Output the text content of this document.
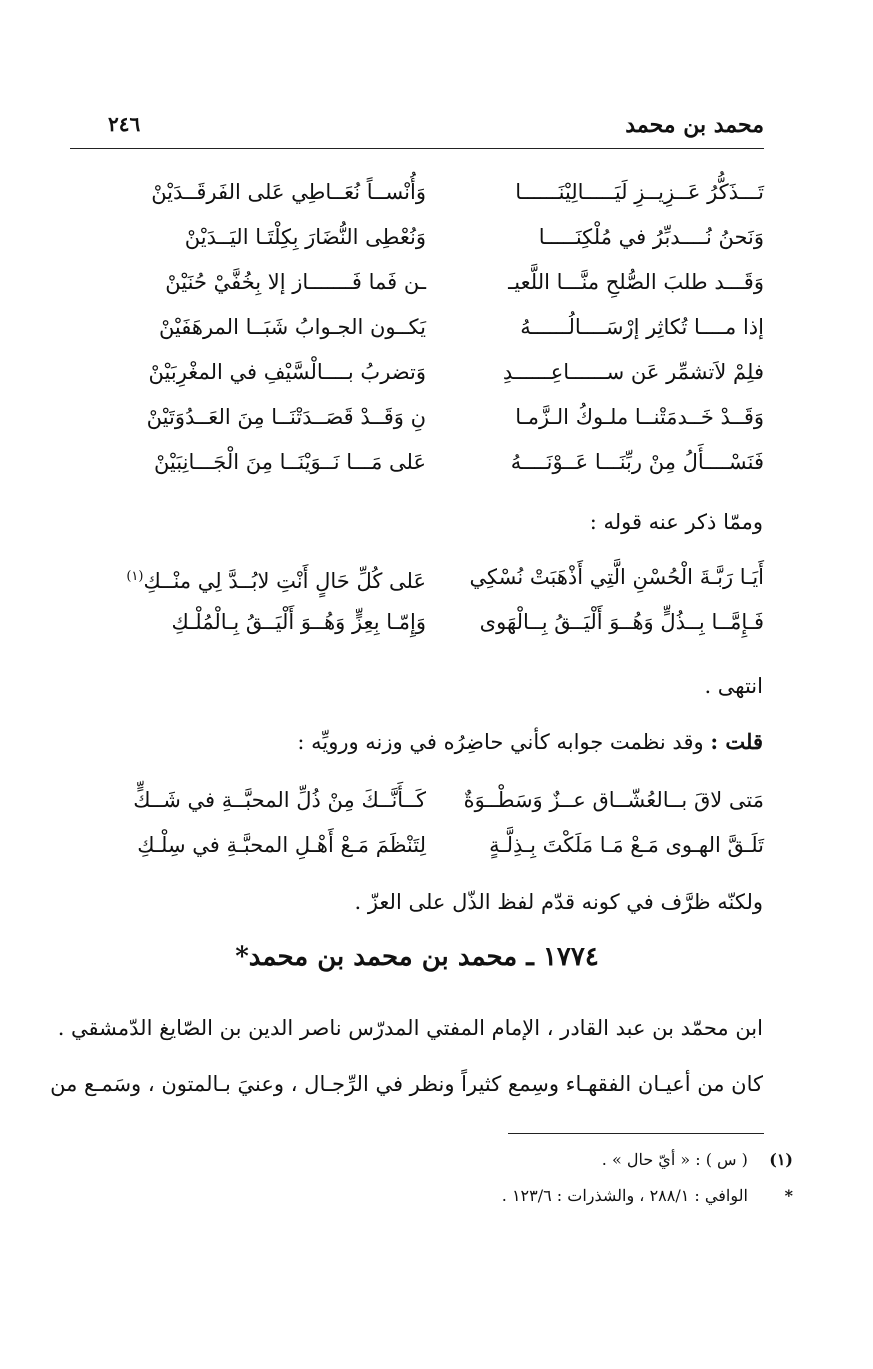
محمد بن محمد
٢٤٦
تَـــذَكُّرُ عَــزِيــزِ لَيَـــــالِيْنَــــــا
وَأُنْســاً نُعَــاطِي عَلى الفَرقَــدَيْنْ
وَنَحنُ نُــــدبِّرُ في مُلْكِنَـــــا
وَنُعْطِى النُّضَارَ بِكِلْتَـا اليَــدَيْنْ
وَقَـــد طلبَ الصُّلحِ منَّـــا اللَّعيـ
ـن فَما فَـــــــاز إلا بِخُفَّيْ حُنَيْنْ
إذا مــــا تُكاثِر إرْسَــــالُــــــهُ
يَكــون الجـوابُ شَبَــا المرهَفَيْنْ
فلِمْ لاَتشمِّر عَن ســــــاعِــــــدِ
وَتضربُ بــــالْسَّيْفِ في المغْرِبَيْنْ
وَقَــدْ خَــدمَتْنــا ملـوكُ الـزَّمـا
نِ وَقَــدْ قَصَــدَتْنَــا مِنَ العَــدُوَتَيْنْ
فَنَسْــــأَلُ مِنْ ربِّنَـــا عَــوْنَــــهُ
عَلى مَـــا نَــوَيْنَــا مِنَ الْجَـــانِبَيْنْ
وممّا ذكر عنه قوله :
أَيَـا رَبَّـةَ الْحُسْنِ الَّتِي أَذْهَبَتْ نُسْكِي
عَلى كُلِّ حَالٍ أَنْتِ لابُــدَّ لِي منْــكِ$^{(١)}$
فَـإِمَّــا بِــذُلٍّ وَهُــوَ أَلْيَــقُ بِــالْهَوى
وَإِمّـا بِعِزٍّ وَهُــوَ أَلْيَــقُ بِـالْمُلْـكِ
انتهى .
قلت : وقد نظمت جوابه كأني حاضِرُه في وزنه ورويِّه :
مَتى لاقَ بــالعُشّــاق عــزٌ وَسَطْــوَةٌ
كَــأَنَّــكَ مِنْ ذُلِّ المحبَّــةِ في شَــكٍّ
تَلَـقَّ الهـوى مَـعْ مَـا مَلَكْتَ بِـذِلَّـةٍ
لِتَنْظَمَ مَـعْ أَهْـلِ المحبَّـةِ في سِلْـكِ
ولكنّه ظرَّف في كونه قدّم لفظ الذّل على العزّ .
١٧٧٤ ـ محمد بن محمد بن محمد*
ابن محمّد بن عبد القادر ، الإمام المفتي المدرّس ناصر الدين بن الصّايغ الدّمشقي .
كان من أعيـان الفقهـاء وسِمع كثيراً ونظر في الرِّجـال ، وعنيَ بـالمتون ، وسَمـع من
(١) ( س ) : « أيّ حال » .
* الوافي : ٢٨٨/١ ، والشذرات : ١٢٣/٦ .
